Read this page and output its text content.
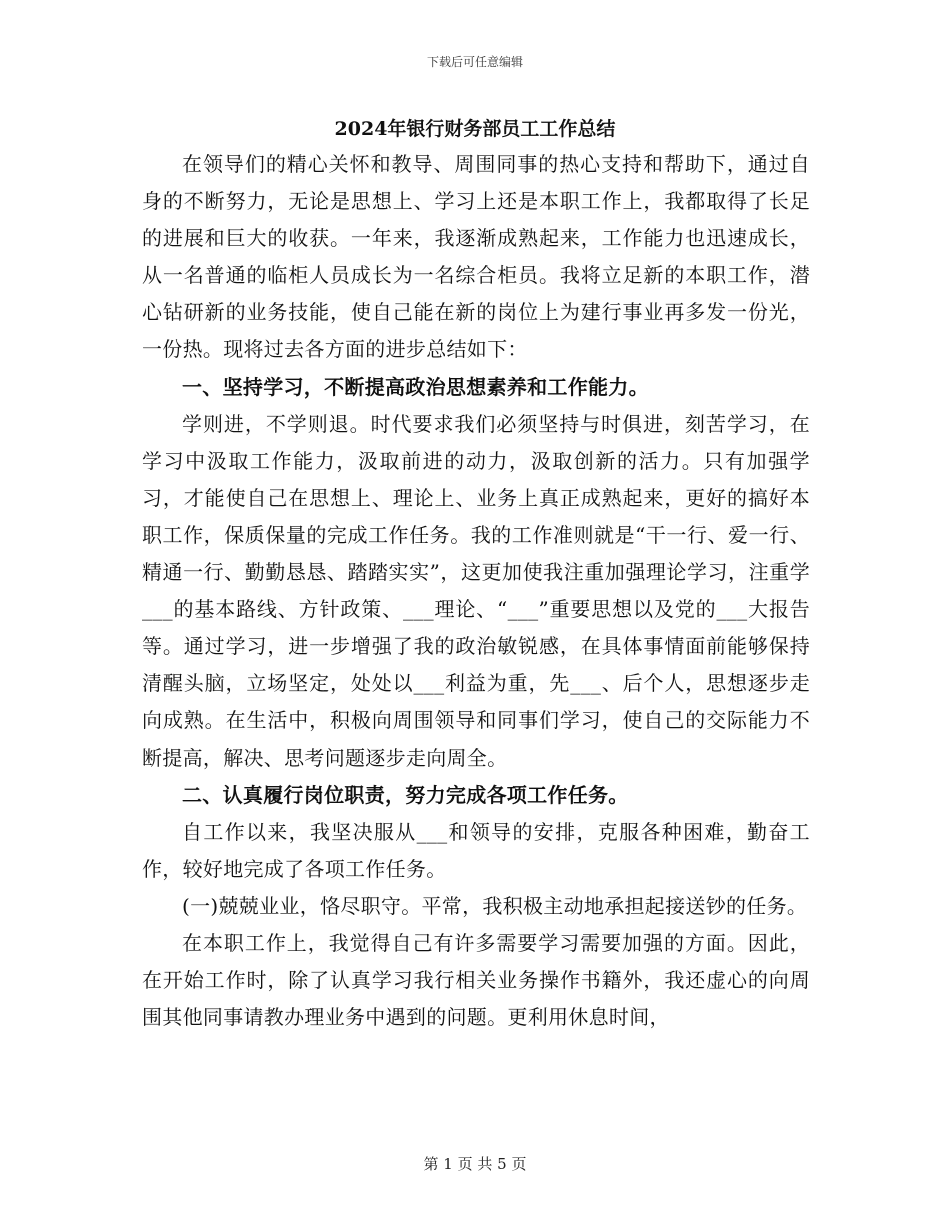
下载后可任意编辑
2024年银行财务部员工工作总结

在领导们的精心关怀和教导、周围同事的热心支持和帮助下，通过自身的不断努力，无论是思想上、学习上还是本职工作上，我都取得了长足的进展和巨大的收获。一年来，我逐渐成熟起来，工作能力也迅速成长，从一名普通的临柜人员成长为一名综合柜员。我将立足新的本职工作，潜心钻研新的业务技能，使自己能在新的岗位上为建行事业再多发一份光，一份热。现将过去各方面的进步总结如下：

一、坚持学习，不断提高政治思想素养和工作能力。

学则进，不学则退。时代要求我们必须坚持与时俱进，刻苦学习，在学习中汲取工作能力，汲取前进的动力，汲取创新的活力。只有加强学习，才能使自己在思想上、理论上、业务上真正成熟起来，更好的搞好本职工作，保质保量的完成工作任务。我的工作准则就是“干一行、爱一行、精通一行、勤勤恳恳、踏踏实实”，这更加使我注重加强理论学习，注重学___的基本路线、方针政策、___理论、“___”重要思想以及党的___大报告等。通过学习，进一步增强了我的政治敏锐感，在具体事情面前能够保持清醒头脑，立场坚定，处处以___利益为重，先___、后个人，思想逐步走向成熟。在生活中，积极向周围领导和同事们学习，使自己的交际能力不断提高，解决、思考问题逐步走向周全。

二、认真履行岗位职责，努力完成各项工作任务。

自工作以来，我坚决服从___和领导的安排，克服各种困难，勤奋工作，较好地完成了各项工作任务。

(一)兢兢业业，恪尽职守。平常，我积极主动地承担起接送钞的任务。

在本职工作上，我觉得自己有许多需要学习需要加强的方面。因此，在开始工作时，除了认真学习我行相关业务操作书籍外，我还虚心的向周围其他同事请教办理业务中遇到的问题。更利用休息时间，

第 1 页 共 5 页
